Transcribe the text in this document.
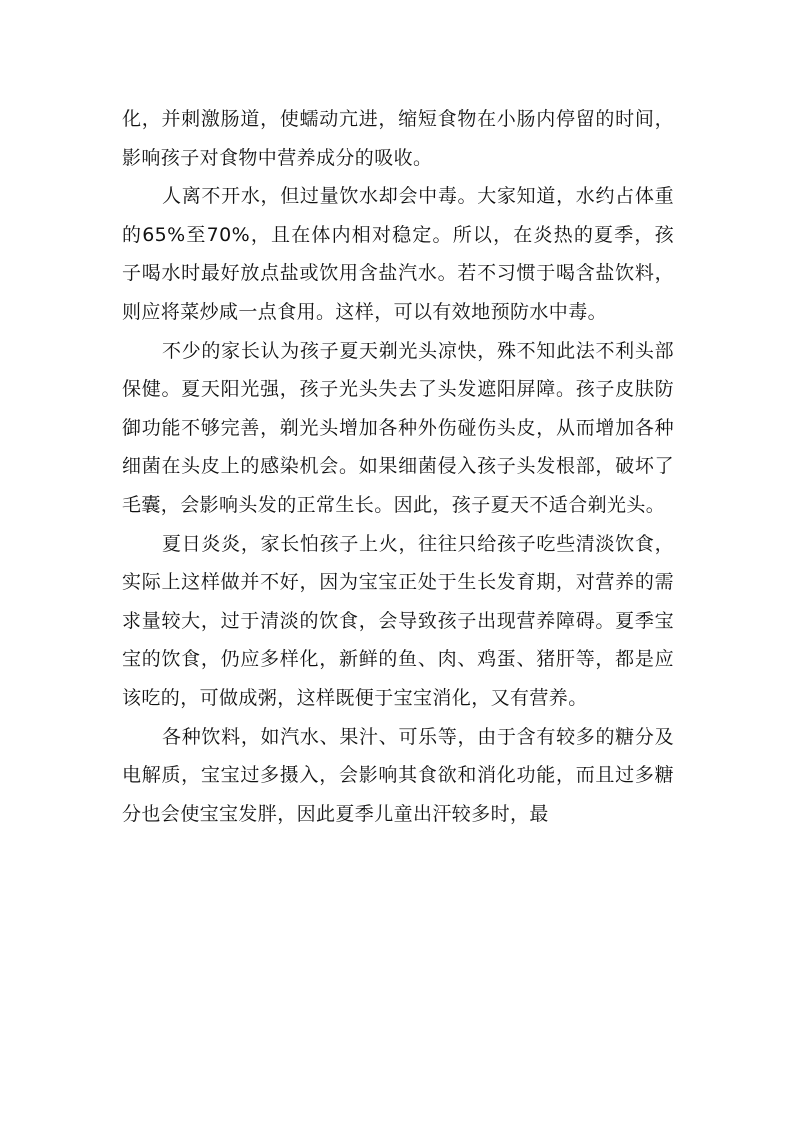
化，并刺激肠道，使蠕动亢进，缩短食物在小肠内停留的时间，影响孩子对食物中营养成分的吸收。

人离不开水，但过量饮水却会中毒。大家知道，水约占体重的65%至70%，且在体内相对稳定。所以，在炎热的夏季，孩子喝水时最好放点盐或饮用含盐汽水。若不习惯于喝含盐饮料，则应将菜炒咸一点食用。这样，可以有效地预防水中毒。

不少的家长认为孩子夏天剃光头凉快，殊不知此法不利头部保健。夏天阳光强，孩子光头失去了头发遮阳屏障。孩子皮肤防御功能不够完善，剃光头增加各种外伤碰伤头皮，从而增加各种细菌在头皮上的感染机会。如果细菌侵入孩子头发根部，破坏了毛囊，会影响头发的正常生长。因此，孩子夏天不适合剃光头。

夏日炎炎，家长怕孩子上火，往往只给孩子吃些清淡饮食，实际上这样做并不好，因为宝宝正处于生长发育期，对营养的需求量较大，过于清淡的饮食，会导致孩子出现营养障碍。夏季宝宝的饮食，仍应多样化，新鲜的鱼、肉、鸡蛋、猪肝等，都是应该吃的，可做成粥，这样既便于宝宝消化，又有营养。

各种饮料，如汽水、果汁、可乐等，由于含有较多的糖分及电解质，宝宝过多摄入，会影响其食欲和消化功能，而且过多糖分也会使宝宝发胖，因此夏季儿童出汗较多时，最
